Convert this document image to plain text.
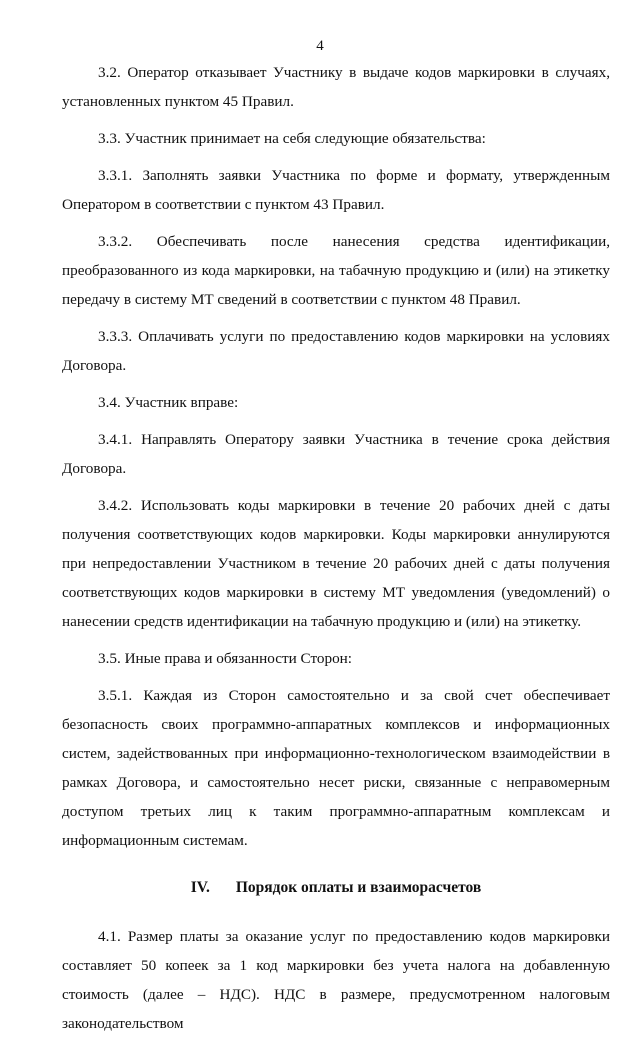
4

3.2. Оператор отказывает Участнику в выдаче кодов маркировки в случаях, установленных пунктом 45 Правил.

3.3. Участник принимает на себя следующие обязательства:

3.3.1. Заполнять заявки Участника по форме и формату, утвержденным Оператором в соответствии с пунктом 43 Правил.

3.3.2. Обеспечивать после нанесения средства идентификации, преобразованного из кода маркировки, на табачную продукцию и (или) на этикетку передачу в систему МТ сведений в соответствии с пунктом 48 Правил.

3.3.3. Оплачивать услуги по предоставлению кодов маркировки на условиях Договора.

3.4. Участник вправе:

3.4.1. Направлять Оператору заявки Участника в течение срока действия Договора.

3.4.2. Использовать коды маркировки в течение 20 рабочих дней с даты получения соответствующих кодов маркировки. Коды маркировки аннулируются при непредоставлении Участником в течение 20 рабочих дней с даты получения соответствующих кодов маркировки в систему МТ уведомления (уведомлений) о нанесении средств идентификации на табачную продукцию и (или) на этикетку.

3.5. Иные права и обязанности Сторон:

3.5.1. Каждая из Сторон самостоятельно и за свой счет обеспечивает безопасность своих программно-аппаратных комплексов и информационных систем, задействованных при информационно-технологическом взаимодействии в рамках Договора, и самостоятельно несет риски, связанные с неправомерным доступом третьих лиц к таким программно-аппаратным комплексам и информационным системам.

IV. Порядок оплаты и взаиморасчетов

4.1. Размер платы за оказание услуг по предоставлению кодов маркировки составляет 50 копеек за 1 код маркировки без учета налога на добавленную стоимость (далее – НДС). НДС в размере, предусмотренном налоговым законодательством
